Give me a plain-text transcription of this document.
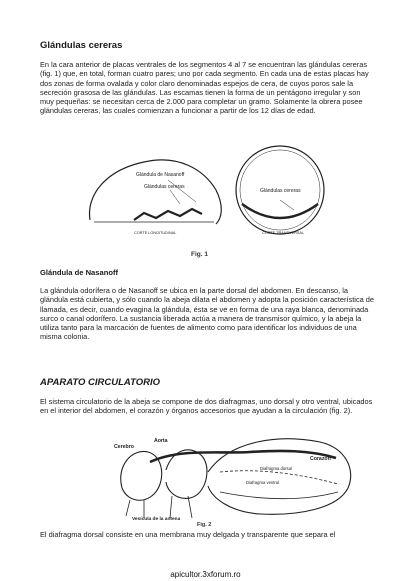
Glándulas cereras
En la cara anterior de placas ventrales de los segmentos 4 al 7 se encuentran las glándulas cereras (fig. 1) que, en total, forman cuatro pares; uno por cada segmento. En cada una de estas placas hay dos zonas de forma ovalada y color claro denominadas espejos de cera, de cuyos poros sale la secreción grasosa de las glándulas. Las escamas tienen la forma de un pentágono irregular y son muy pequeñas: se necesitan cerca de 2.000 para completar un gramo. Solamente la obrera posee glándulas cereras, las cuales comienzan a funcionar a partir de los 12 días de edad.
Glándula de Nasanoff
Glándulas cereras
CORTE LONGITUDINAL
Glándulas cereras
CORTE TRANSVERSAL
Fig. 1
Glándula de Nasanoff
La glándula odorífera o de Nasanoff se ubica en la parte dorsal del abdomen. En descanso, la glándula está cubierta, y sólo cuando la abeja dilata el abdomen y adopta la posición característica de llamada, es decir, cuando evagina la glándula, ésta se ve en forma de una raya blanca, denominada surco o canal odorífero. La sustancia liberada actúa a manera de transmisor químico, y la abeja la utiliza tanto para la marcación de fuentes de alimento como para identificar los individuos de una misma colonia.
APARATO CIRCULATORIO
El sistema circulatorio de la abeja se compone de dos diafragmas, uno dorsal y otro ventral, ubicados en el interior del abdomen, el corazón y órganos accesorios que ayudan a la circulación (fig. 2).
Aorta
Cerebro
Corazón
Diafragma dorsal
Diafragma ventral
Vesícula de la antena
Fig. 2
El diafragma dorsal consiste en una membrana muy delgada y transparente que separa el
apicultor.3xforum.ro
